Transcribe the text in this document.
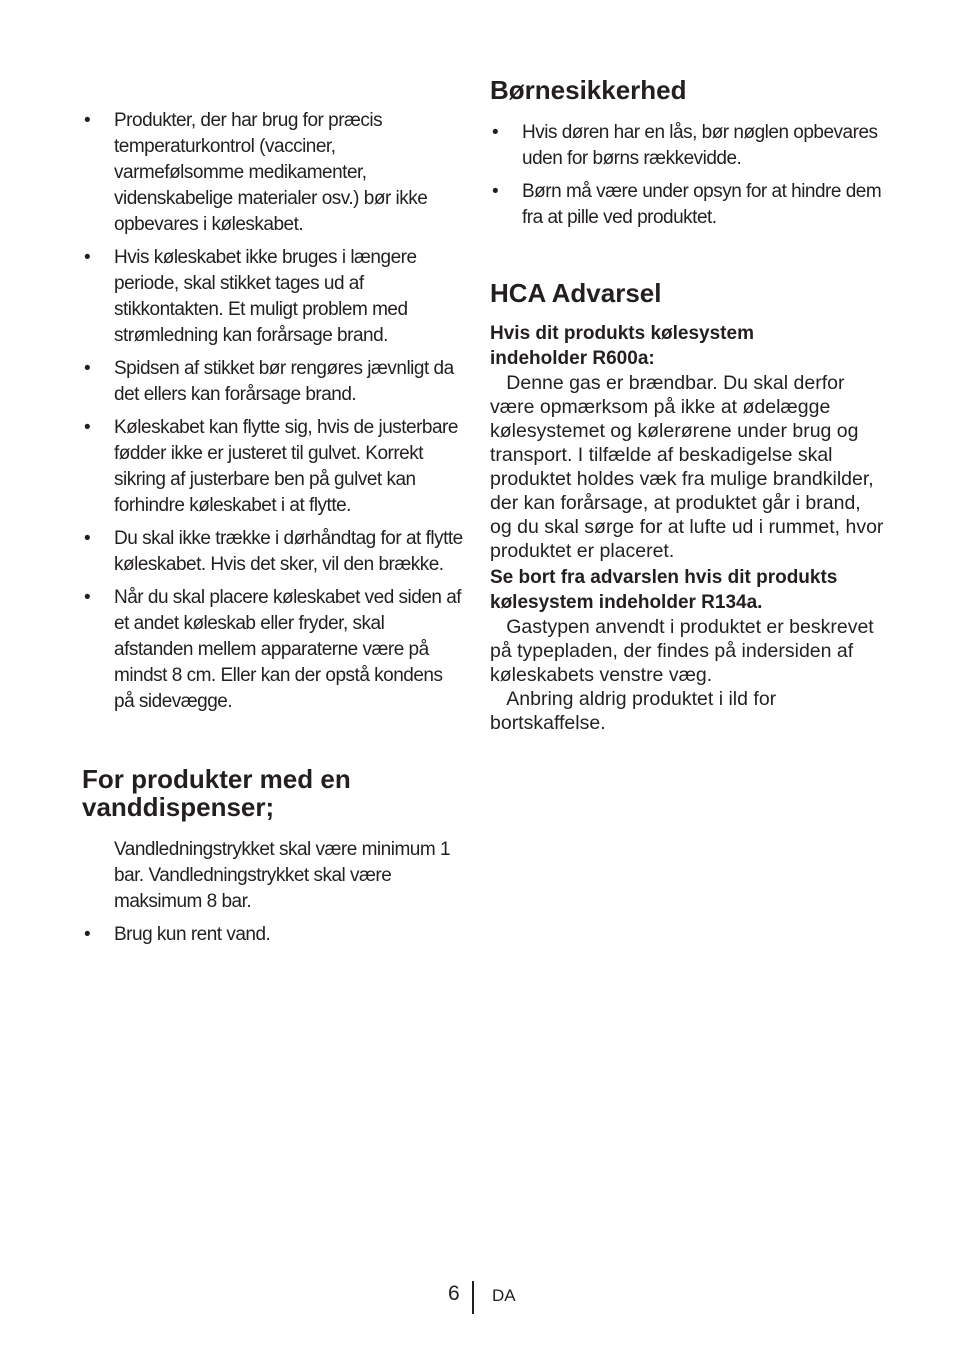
• Produkter, der har brug for præcis temperaturkontrol (vacciner, varmefølsomme medikamenter, videnskabelige materialer osv.) bør ikke opbevares i køleskabet.
• Hvis køleskabet ikke bruges i længere periode, skal stikket tages ud af stikkontakten. Et muligt problem med strømledning kan forårsage brand.
• Spidsen af stikket bør rengøres jævnligt da det ellers kan forårsage brand.
• Køleskabet kan flytte sig, hvis de justerbare fødder ikke er justeret til gulvet. Korrekt sikring af justerbare ben på gulvet kan forhindre køleskabet i at flytte.
• Du skal ikke trække i dørhåndtag for at flytte køleskabet. Hvis det sker, vil den brække.
• Når du skal placere køleskabet ved siden af et andet køleskab eller fryder, skal afstanden mellem apparaterne være på mindst 8 cm. Eller kan der opstå kondens på sidevægge.
For produkter med en vanddispenser;

Vandledningstrykket skal være minimum 1 bar. Vandledningstrykket skal være maksimum 8 bar.

• Brug kun rent vand.
Børnesikkerhed
• Hvis døren har en lås, bør nøglen opbevares uden for børns rækkevidde.
• Børn må være under opsyn for at hindre dem fra at pille ved produktet.
HCA Advarsel

Hvis dit produkts kølesystem indeholder R600a:

Denne gas er brændbar. Du skal derfor være opmærksom på ikke at ødelægge kølesystemet og kølerørene under brug og transport. I tilfælde af beskadigelse skal produktet holdes væk fra mulige brandkilder, der kan forårsage, at produktet går i brand, og du skal sørge for at lufte ud i rummet, hvor produktet er placeret.

Se bort fra advarslen hvis dit produkts kølesystem indeholder R134a.

Gastypen anvendt i produktet er beskrevet på typepladen, der findes på indersiden af køleskabets venstre væg.

Anbring aldrig produktet i ild for bortskaffelse.

6 DA
